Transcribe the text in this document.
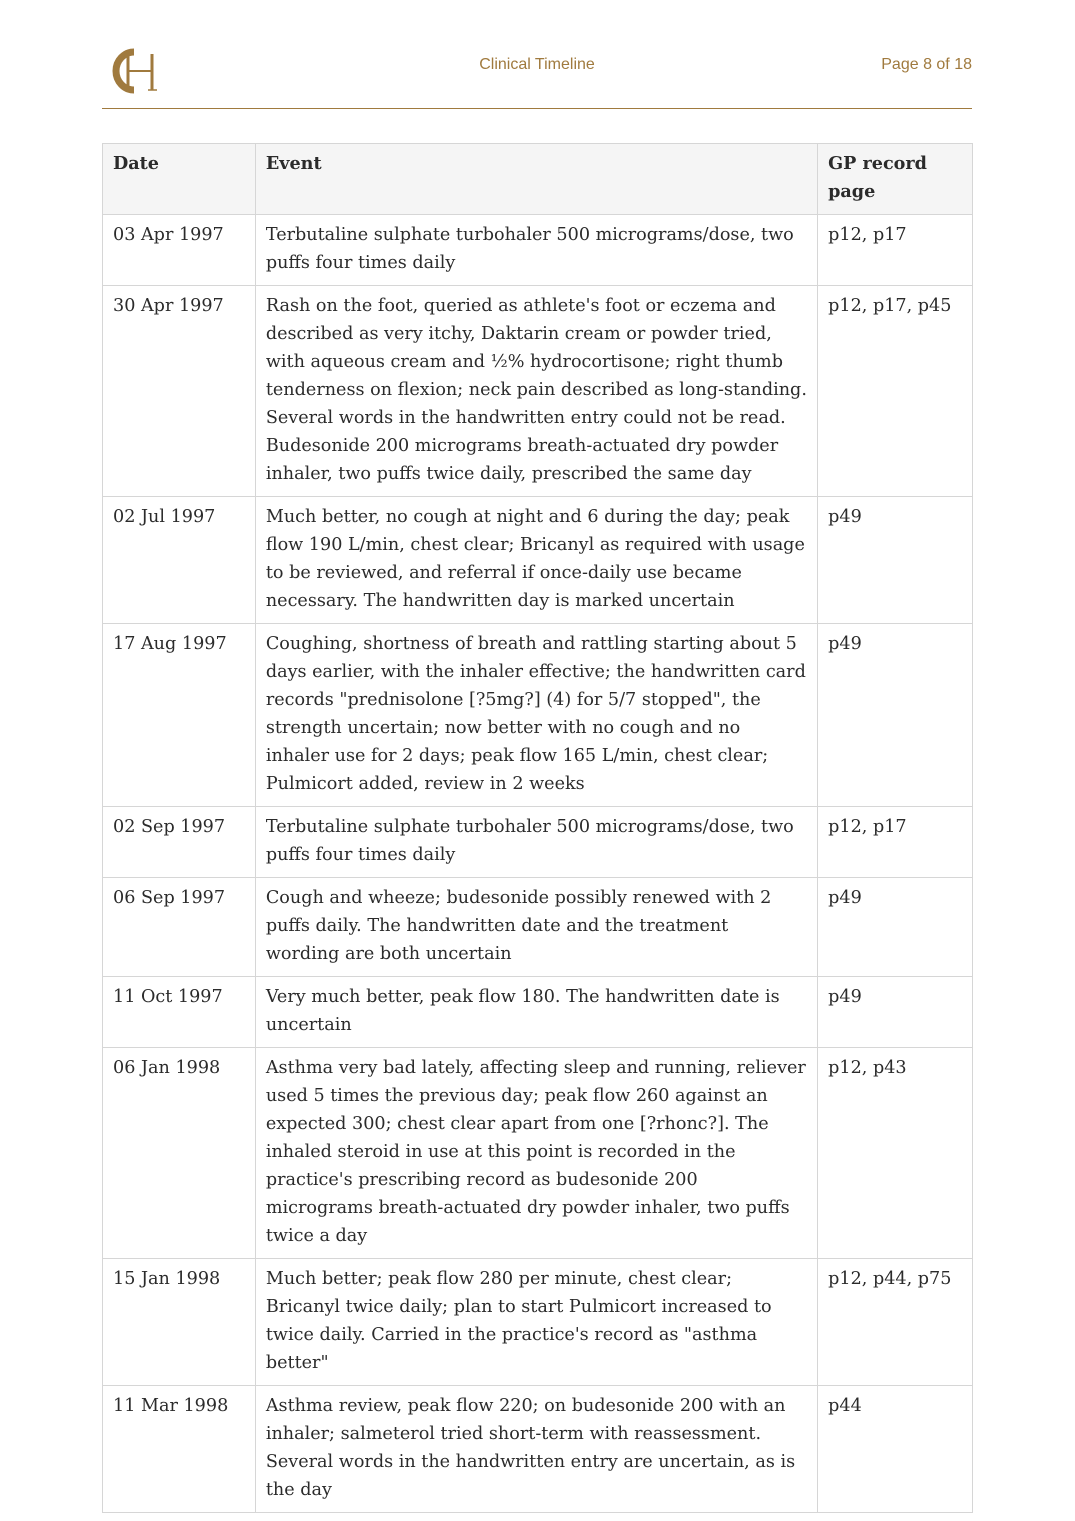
Clinical Timeline	Page 8 of 18
Date	Event	GP record page
03 Apr 1997	Terbutaline sulphate turbohaler 500 micrograms/dose, two puffs four times daily	p12, p17
30 Apr 1997	Rash on the foot, queried as athlete's foot or eczema and described as very itchy, Daktarin cream or powder tried, with aqueous cream and ½% hydrocortisone; right thumb tenderness on flexion; neck pain described as long-standing. Several words in the handwritten entry could not be read. Budesonide 200 micrograms breath-actuated dry powder inhaler, two puffs twice daily, prescribed the same day	p12, p17, p45
02 Jul 1997	Much better, no cough at night and 6 during the day; peak flow 190 L/min, chest clear; Bricanyl as required with usage to be reviewed, and referral if once-daily use became necessary. The handwritten day is marked uncertain	p49
17 Aug 1997	Coughing, shortness of breath and rattling starting about 5 days earlier, with the inhaler effective; the handwritten card records "prednisolone [?5mg?] (4) for 5/7 stopped", the strength uncertain; now better with no cough and no inhaler use for 2 days; peak flow 165 L/min, chest clear; Pulmicort added, review in 2 weeks	p49
02 Sep 1997	Terbutaline sulphate turbohaler 500 micrograms/dose, two puffs four times daily	p12, p17
06 Sep 1997	Cough and wheeze; budesonide possibly renewed with 2 puffs daily. The handwritten date and the treatment wording are both uncertain	p49
11 Oct 1997	Very much better, peak flow 180. The handwritten date is uncertain	p49
06 Jan 1998	Asthma very bad lately, affecting sleep and running, reliever used 5 times the previous day; peak flow 260 against an expected 300; chest clear apart from one [?rhonc?]. The inhaled steroid in use at this point is recorded in the practice's prescribing record as budesonide 200 micrograms breath-actuated dry powder inhaler, two puffs twice a day	p12, p43
15 Jan 1998	Much better; peak flow 280 per minute, chest clear; Bricanyl twice daily; plan to start Pulmicort increased to twice daily. Carried in the practice's record as "asthma better"	p12, p44, p75
11 Mar 1998	Asthma review, peak flow 220; on budesonide 200 with an inhaler; salmeterol tried short-term with reassessment. Several words in the handwritten entry are uncertain, as is the day	p44
